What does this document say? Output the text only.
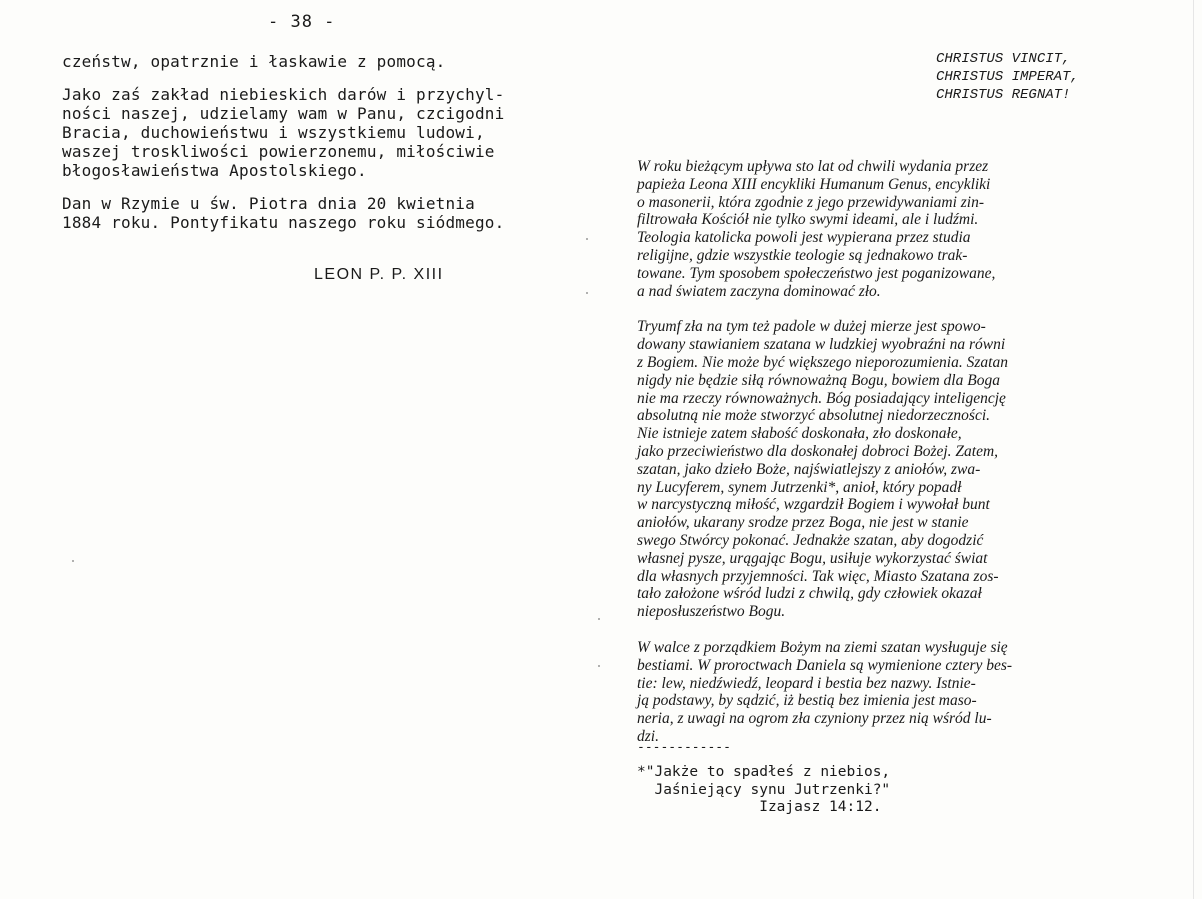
- 38 -

czeństw, opatrznie i łaskawie z pomocą.

Jako zaś zakład niebieskich darów i przychyl-
ności naszej, udzielamy wam w Panu, czcigodni
Bracia, duchowieństwu i wszystkiemu ludowi,
waszej troskliwości powierzonemu, miłościwie
błogosławieństwa Apostolskiego.

Dan w Rzymie u św. Piotra dnia 20 kwietnia
1884 roku. Pontyfikatu naszego roku siódmego.

LEON P. P. XIII
CHRISTUS VINCIT,
CHRISTUS IMPERAT,
CHRISTUS REGNAT!

W roku bieżącym upływa sto lat od chwili wydania przez
papieża Leona XIII encykliki Humanum Genus, encykliki
o masonerii, która zgodnie z jego przewidywaniami zin-
filtrowała Kościół nie tylko swymi ideami, ale i ludźmi.
Teologia katolicka powoli jest wypierana przez studia
religijne, gdzie wszystkie teologie są jednakowo trak-
towane. Tym sposobem społeczeństwo jest poganizowane,
a nad światem zaczyna dominować zło.

Tryumf zła na tym też padole w dużej mierze jest spowo-
dowany stawianiem szatana w ludzkiej wyobraźni na równi
z Bogiem. Nie może być większego nieporozumienia. Szatan
nigdy nie będzie siłą równoważną Bogu, bowiem dla Boga
nie ma rzeczy równoważnych. Bóg posiadający inteligencję
absolutną nie może stworzyć absolutnej niedorzeczności.
Nie istnieje zatem słabość doskonała, zło doskonałe,
jako przeciwieństwo dla doskonałej dobroci Bożej. Zatem,
szatan, jako dzieło Boże, najświatlejszy z aniołów, zwa-
ny Lucyferem, synem Jutrzenki*, anioł, który popadł
w narcystyczną miłość, wzgardził Bogiem i wywołał bunt
aniołów, ukarany srodze przez Boga, nie jest w stanie
swego Stwórcy pokonać. Jednakże szatan, aby dogodzić
własnej pysze, urągając Bogu, usiłuje wykorzystać świat
dla własnych przyjemności. Tak więc, Miasto Szatana zos-
tało założone wśród ludzi z chwilą, gdy człowiek okazał
nieposłuszeństwo Bogu.

W walce z porządkiem Bożym na ziemi szatan wysługuje się
bestiami. W proroctwach Daniela są wymienione cztery bes-
tie: lew, niedźwiedź, leopard i bestia bez nazwy. Istnie-
ją podstawy, by sądzić, iż bestią bez imienia jest maso-
neria, z uwagi na ogrom zła czyniony przez nią wśród lu-
dzi.

------------
*"Jakże to spadłeś z niebios,
Jaśniejący synu Jutrzenki?"
Izajasz 14:12.
